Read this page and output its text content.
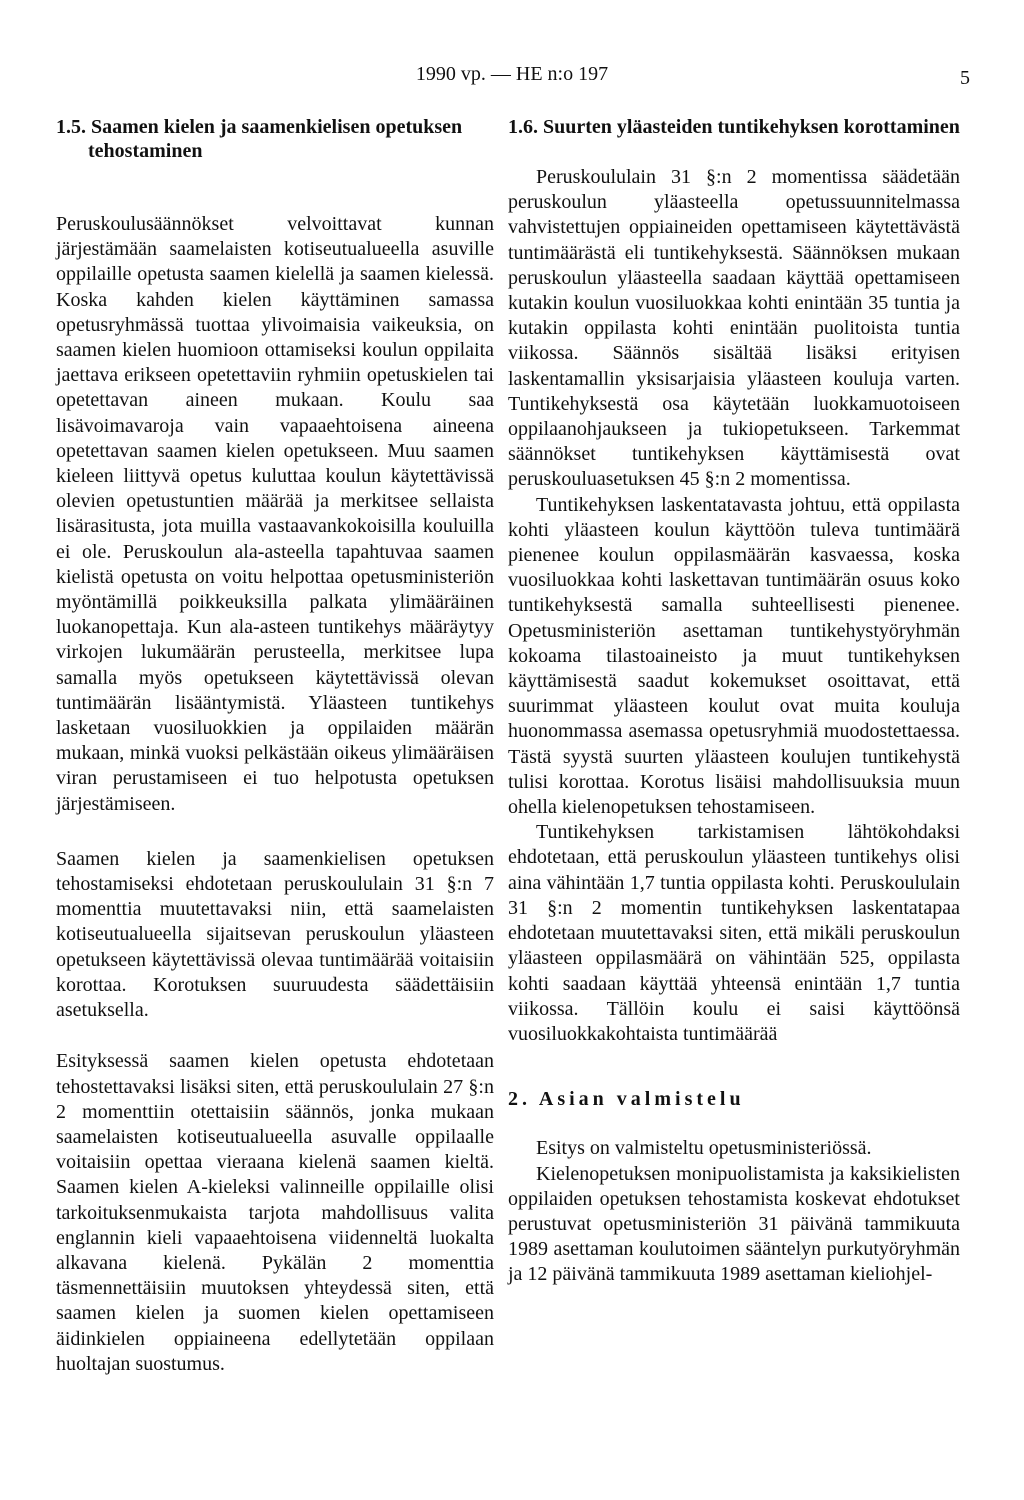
1990 vp. — HE n:o 197	5
1.5. Saamen kielen ja saamenkielisen opetuksen tehostaminen

Peruskoulusäännökset velvoittavat kunnan järjestämään saamelaisten kotiseutualueella asuville oppilaille opetusta saamen kielellä ja saamen kielessä. Koska kahden kielen käyttäminen samassa opetusryhmässä tuottaa ylivoimaisia vaikeuksia, on saamen kielen huomioon ottamiseksi koulun oppilaita jaettava erikseen opetettaviin ryhmiin opetuskielen tai opetettavan aineen mukaan. Koulu saa lisävoimavaroja vain vapaaehtoisena aineena opetettavan saamen kielen opetukseen. Muu saamen kieleen liittyvä opetus kuluttaa koulun käytettävissä olevien opetustuntien määrää ja merkitsee sellaista lisärasitusta, jota muilla vastaavankokoisilla kouluilla ei ole. Peruskoulun ala-asteella tapahtuvaa saamen kielistä opetusta on voitu helpottaa opetusministeriön myöntämillä poikkeuksilla palkata ylimääräinen luokanopettaja. Kun ala-asteen tuntikehys määräytyy virkojen lukumäärän perusteella, merkitsee lupa samalla myös opetukseen käytettävissä olevan tuntimäärän lisääntymistä. Yläasteen tuntikehys lasketaan vuosiluokkien ja oppilaiden määrän mukaan, minkä vuoksi pelkästään oikeus ylimääräisen viran perustamiseen ei tuo helpotusta opetuksen järjestämiseen.

Saamen kielen ja saamenkielisen opetuksen tehostamiseksi ehdotetaan peruskoululain 31 §:n 7 momenttia muutettavaksi niin, että saamelaisten kotiseutualueella sijaitsevan peruskoulun yläasteen opetukseen käytettävissä olevaa tuntimäärää voitaisiin korottaa. Korotuksen suuruudesta säädettäisiin asetuksella.

Esityksessä saamen kielen opetusta ehdotetaan tehostettavaksi lisäksi siten, että peruskoululain 27 §:n 2 momenttiin otettaisiin säännös, jonka mukaan saamelaisten kotiseutualueella asuvalle oppilaalle voitaisiin opettaa vieraana kielenä saamen kieltä. Saamen kielen A-kieleksi valinneille oppilaille olisi tarkoituksenmukaista tarjota mahdollisuus valita englannin kieli vapaaehtoisena viidenneltä luokalta alkavana kielenä. Pykälän 2 momenttia täsmennettäisiin muutoksen yhteydessä siten, että saamen kielen ja suomen kielen opettamiseen äidinkielen oppiaineena edellytetään oppilaan huoltajan suostumus.

1.6. Suurten yläasteiden tuntikehyksen korottaminen

Peruskoululain 31 §:n 2 momentissa säädetään peruskoulun yläasteella opetussuunnitelmassa vahvistettujen oppiaineiden opettamiseen käytettävästä tuntimäärästä eli tuntikehyksestä. Säännöksen mukaan peruskoulun yläasteella saadaan käyttää opettamiseen kutakin koulun vuosiluokkaa kohti enintään 35 tuntia ja kutakin oppilasta kohti enintään puolitoista tuntia viikossa. Säännös sisältää lisäksi erityisen laskentamallin yksisarjaisia yläasteen kouluja varten. Tuntikehyksestä osa käytetään luokkamuotoiseen oppilaanohjaukseen ja tukiopetukseen. Tarkemmat säännökset tuntikehyksen käyttämisestä ovat peruskouluasetuksen 45 §:n 2 momentissa.

Tuntikehyksen laskentatavasta johtuu, että oppilasta kohti yläasteen koulun käyttöön tuleva tuntimäärä pienenee koulun oppilasmäärän kasvaessa, koska vuosiluokkaa kohti laskettavan tuntimäärän osuus koko tuntikehyksestä samalla suhteellisesti pienenee. Opetusministeriön asettaman tuntikehystyöryhmän kokoama tilastoaineisto ja muut tuntikehyksen käyttämisestä saadut kokemukset osoittavat, että suurimmat yläasteen koulut ovat muita kouluja huonommassa asemassa opetusryhmiä muodostettaessa. Tästä syystä suurten yläasteen koulujen tuntikehystä tulisi korottaa. Korotus lisäisi mahdollisuuksia muun ohella kielenopetuksen tehostamiseen.

Tuntikehyksen tarkistamisen lähtökohdaksi ehdotetaan, että peruskoulun yläasteen tuntikehys olisi aina vähintään 1,7 tuntia oppilasta kohti. Peruskoululain 31 §:n 2 momentin tuntikehyksen laskentatapaa ehdotetaan muutettavaksi siten, että mikäli peruskoulun yläasteen oppilasmäärä on vähintään 525, oppilasta kohti saadaan käyttää yhteensä enintään 1,7 tuntia viikossa. Tällöin koulu ei saisi käyttöönsä vuosiluokkakohtaista tuntimäärää

2. Asian valmistelu

Esitys on valmisteltu opetusministeriössä.

Kielenopetuksen monipuolistamista ja kaksikielisten oppilaiden opetuksen tehostamista koskevat ehdotukset perustuvat opetusministeriön 31 päivänä tammikuuta 1989 asettaman koulutoimen sääntelyn purkutyöryhmän ja 12 päivänä tammikuuta 1989 asettaman kieliohjel-
